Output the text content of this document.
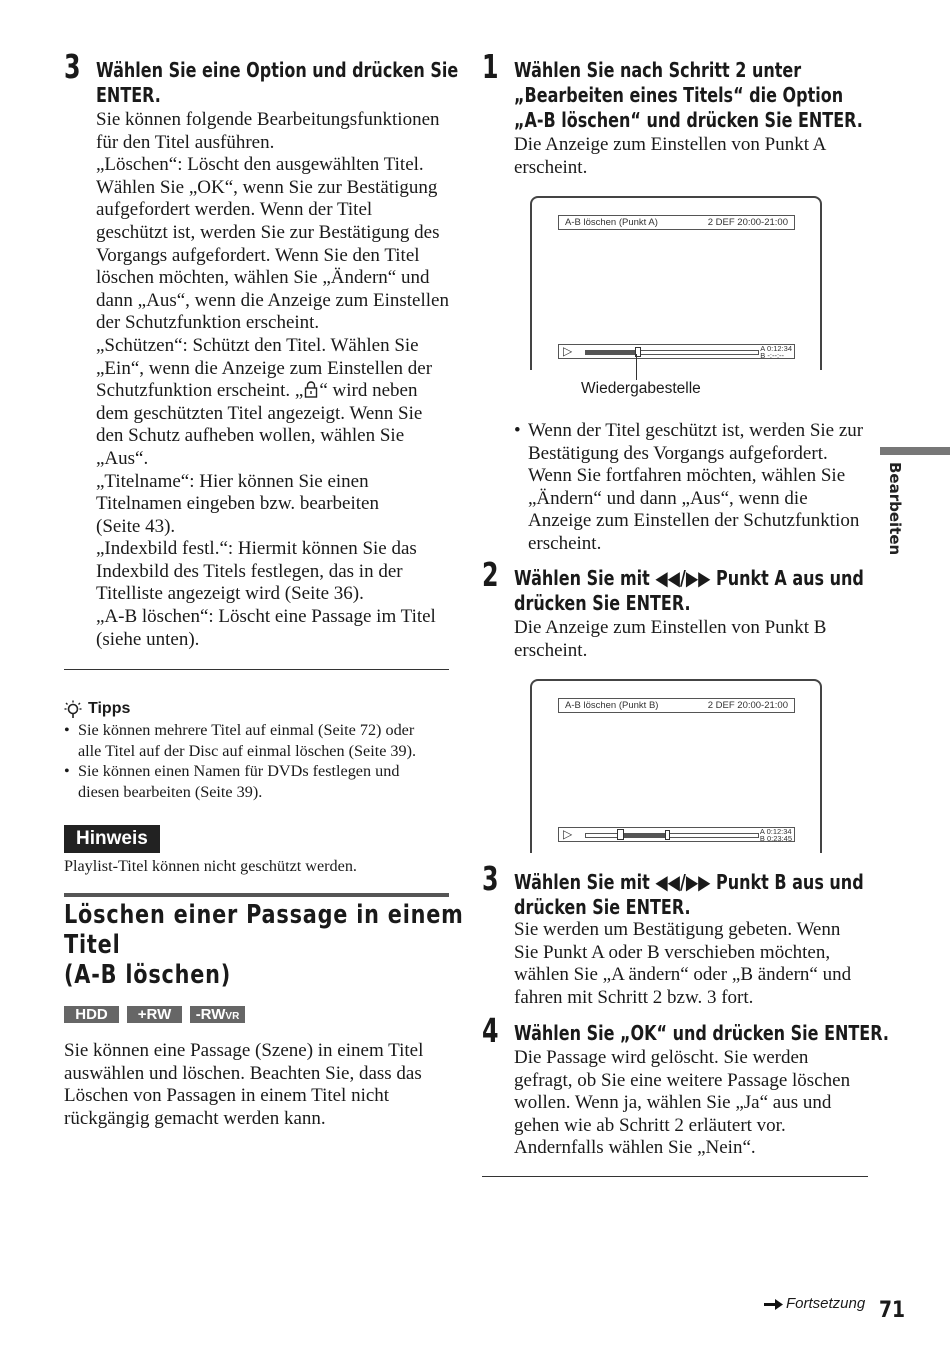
3 Wählen Sie eine Option und drücken Sie
ENTER.

Sie können folgende Bearbeitungsfunktionen

für den Titel ausführen.

„Löschen“: Löscht den ausgewählten Titel.

Wählen Sie „OK“, wenn Sie zur Bestätigung

aufgefordert werden. Wenn der Titel

geschützt ist, werden Sie zur Bestätigung des

Vorgangs aufgefordert. Wenn Sie den Titel

löschen möchten, wählen Sie „Ändern“ und

dann „Aus“, wenn die Anzeige zum Einstellen

der Schutzfunktion erscheint.

„Schützen“: Schützt den Titel. Wählen Sie

„Ein“, wenn die Anzeige zum Einstellen der

Schutzfunktion erscheint. „ “ wird neben

dem geschützten Titel angezeigt. Wenn Sie

den Schutz aufheben wollen, wählen Sie

„Aus“.

„Titelname“: Hier können Sie einen

Titelnamen eingeben bzw. bearbeiten

(Seite 43).

„Indexbild festl.“: Hiermit können Sie das

Indexbild des Titels festlegen, das in der

Titelliste angezeigt wird (Seite 36).

„A-B löschen“: Löscht eine Passage im Titel

(siehe unten).

Tipps
• Sie können mehrere Titel auf einmal (Seite 72) oder
alle Titel auf der Disc auf einmal löschen (Seite 39).
• Sie können einen Namen für DVDs festlegen und
diesen bearbeiten (Seite 39).
Hinweis
Playlist-Titel können nicht geschützt werden.
Löschen einer Passage in einem
Titel
(A-B löschen)
HDD	+RW	-RWVR

Sie können eine Passage (Szene) in einem Titel

auswählen und löschen. Beachten Sie, dass das

Löschen von Passagen in einem Titel nicht

rückgängig gemacht werden kann.

1 Wählen Sie nach Schritt 2 unter
„Bearbeiten eines Titels“ die Option
„A-B löschen“ und drücken Sie ENTER.

Die Anzeige zum Einstellen von Punkt A

erscheint.

A-B löschen (Punkt A)	2 DEF 20:00-21:00
▷	A 0:12:34
B -:--:--
Wiedergabestelle
• Wenn der Titel geschützt ist, werden Sie zur
Bestätigung des Vorgangs aufgefordert.
Wenn Sie fortfahren möchten, wählen Sie
„Ändern“ und dann „Aus“, wenn die
Anzeige zum Einstellen der Schutzfunktion
erscheint.
2 Wählen Sie mit ◀◀/▶▶ Punkt A aus und
drücken Sie ENTER.

Die Anzeige zum Einstellen von Punkt B

erscheint.

A-B löschen (Punkt B)	2 DEF 20:00-21:00
▷	A 0:12:34
B 0:23:45
3 Wählen Sie mit ◀◀/▶▶ Punkt B aus und
drücken Sie ENTER.

Sie werden um Bestätigung gebeten. Wenn

Sie Punkt A oder B verschieben möchten,

wählen Sie „A ändern“ oder „B ändern“ und

fahren mit Schritt 2 bzw. 3 fort.

4 Wählen Sie „OK“ und drücken Sie ENTER.

Die Passage wird gelöscht. Sie werden

gefragt, ob Sie eine weitere Passage löschen

wollen. Wenn ja, wählen Sie „Ja“ aus und

gehen wie ab Schritt 2 erläutert vor.

Andernfalls wählen Sie „Nein“.

Bearbeiten
Fortsetzung 71
